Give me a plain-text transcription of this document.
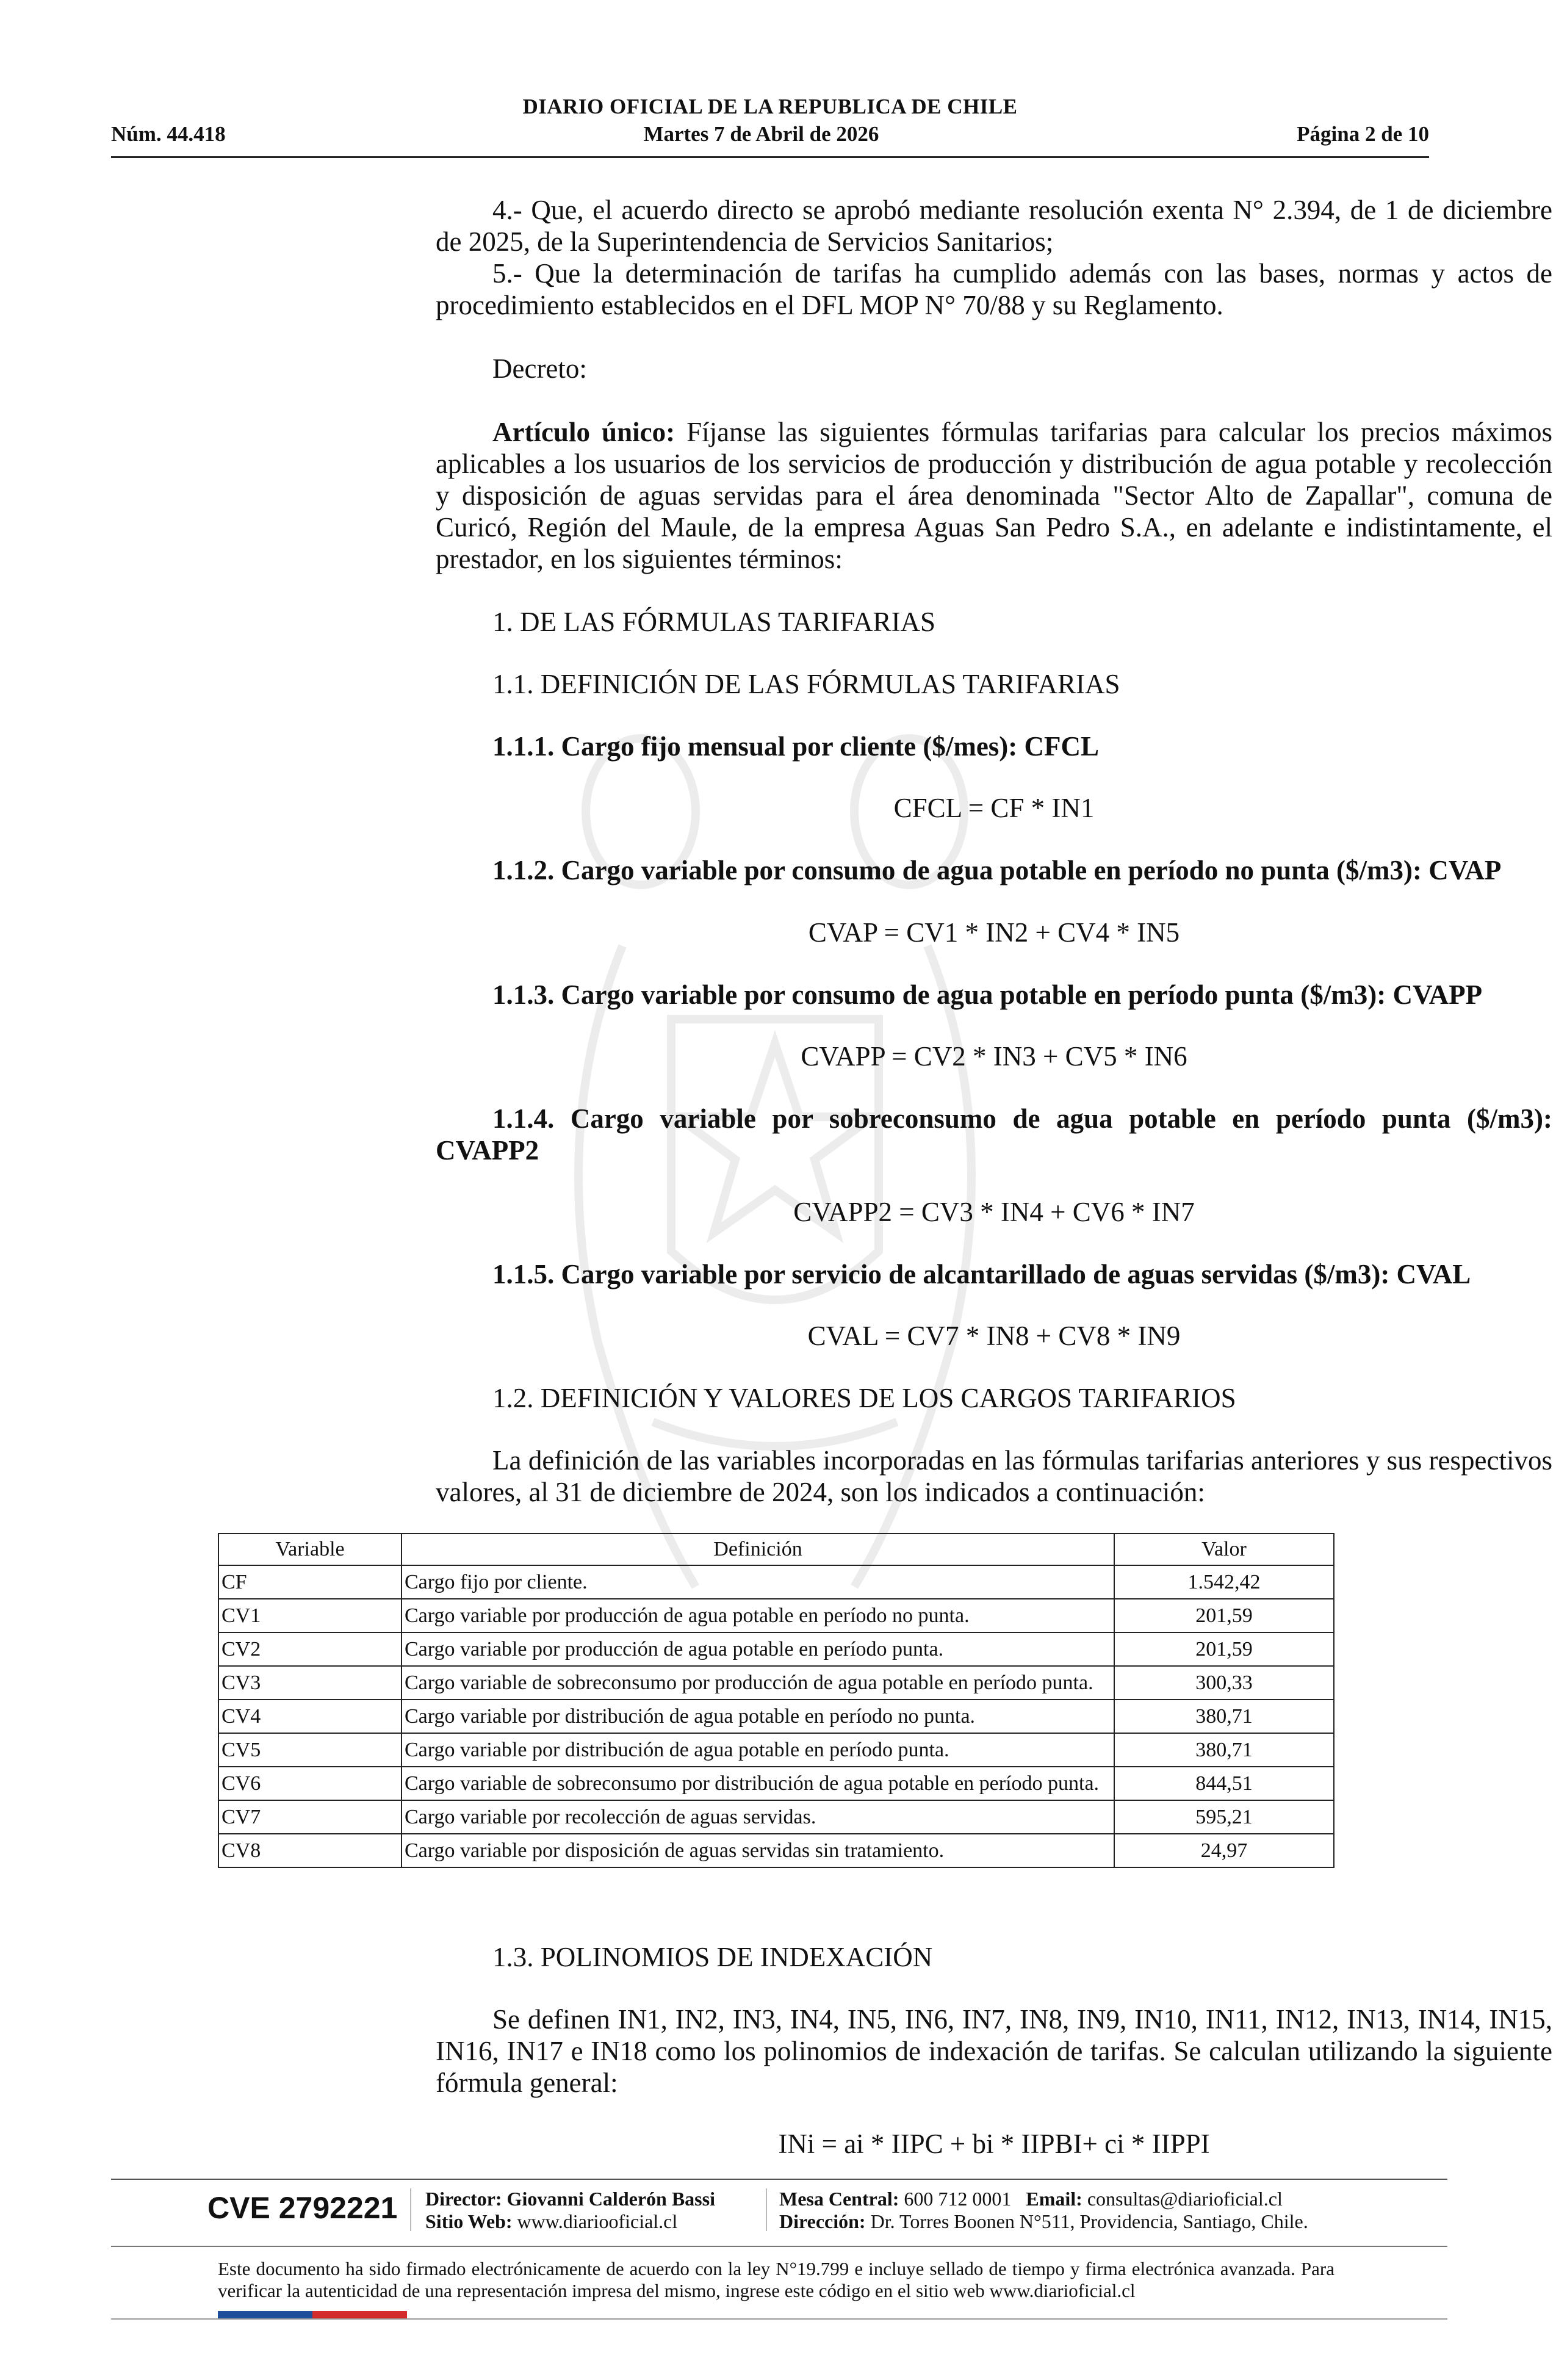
DIARIO OFICIAL DE LA REPUBLICA DE CHILE
Núm. 44.418	Martes 7 de Abril de 2026	Página 2 de 10

4.- Que, el acuerdo directo se aprobó mediante resolución exenta N° 2.394, de 1 de diciembre de 2025, de la Superintendencia de Servicios Sanitarios;

5.- Que la determinación de tarifas ha cumplido además con las bases, normas y actos de procedimiento establecidos en el DFL MOP N° 70/88 y su Reglamento.

Decreto:

Artículo único: Fíjanse las siguientes fórmulas tarifarias para calcular los precios máximos aplicables a los usuarios de los servicios de producción y distribución de agua potable y recolección y disposición de aguas servidas para el área denominada "Sector Alto de Zapallar", comuna de Curicó, Región del Maule, de la empresa Aguas San Pedro S.A., en adelante e indistintamente, el prestador, en los siguientes términos:

1. DE LAS FÓRMULAS TARIFARIAS
1.1. DEFINICIÓN DE LAS FÓRMULAS TARIFARIAS
1.1.1. Cargo fijo mensual por cliente ($/mes): CFCL
CFCL = CF * IN1
1.1.2. Cargo variable por consumo de agua potable en período no punta ($/m3): CVAP
CVAP = CV1 * IN2 + CV4 * IN5
1.1.3. Cargo variable por consumo de agua potable en período punta ($/m3): CVAPP
CVAPP = CV2 * IN3 + CV5 * IN6

1.1.4. Cargo variable por sobreconsumo de agua potable en período punta ($/m3): CVAPP2

CVAPP2 = CV3 * IN4 + CV6 * IN7
1.1.5. Cargo variable por servicio de alcantarillado de aguas servidas ($/m3): CVAL
CVAL = CV7 * IN8 + CV8 * IN9
1.2. DEFINICIÓN Y VALORES DE LOS CARGOS TARIFARIOS

La definición de las variables incorporadas en las fórmulas tarifarias anteriores y sus respectivos valores, al 31 de diciembre de 2024, son los indicados a continuación:

Variable	Definición	Valor
CF	Cargo fijo por cliente.	1.542,42
CV1	Cargo variable por producción de agua potable en período no punta.	201,59
CV2	Cargo variable por producción de agua potable en período punta.	201,59
CV3	Cargo variable de sobreconsumo por producción de agua potable en período punta.	300,33
CV4	Cargo variable por distribución de agua potable en período no punta.	380,71
CV5	Cargo variable por distribución de agua potable en período punta.	380,71
CV6	Cargo variable de sobreconsumo por distribución de agua potable en período punta.	844,51
CV7	Cargo variable por recolección de aguas servidas.	595,21
CV8	Cargo variable por disposición de aguas servidas sin tratamiento.	24,97
1.3. POLINOMIOS DE INDEXACIÓN

Se definen IN1, IN2, IN3, IN4, IN5, IN6, IN7, IN8, IN9, IN10, IN11, IN12, IN13, IN14, IN15, IN16, IN17 e IN18 como los polinomios de indexación de tarifas. Se calculan utilizando la siguiente fórmula general:

INi = ai * IIPC + bi * IIPBI+ ci * IIPPI
CVE 2792221 Director: Giovanni Calderón Bassi
Sitio Web: www.diariooficial.cl
Mesa Central: 600 712 0001 Email: consultas@diarioficial.cl
Dirección: Dr. Torres Boonen N°511, Providencia, Santiago, Chile.
Este documento ha sido firmado electrónicamente de acuerdo con la ley N°19.799 e incluye sellado de tiempo y firma electrónica avanzada. Para verificar la autenticidad de una representación impresa del mismo, ingrese este código en el sitio web www.diarioficial.cl
